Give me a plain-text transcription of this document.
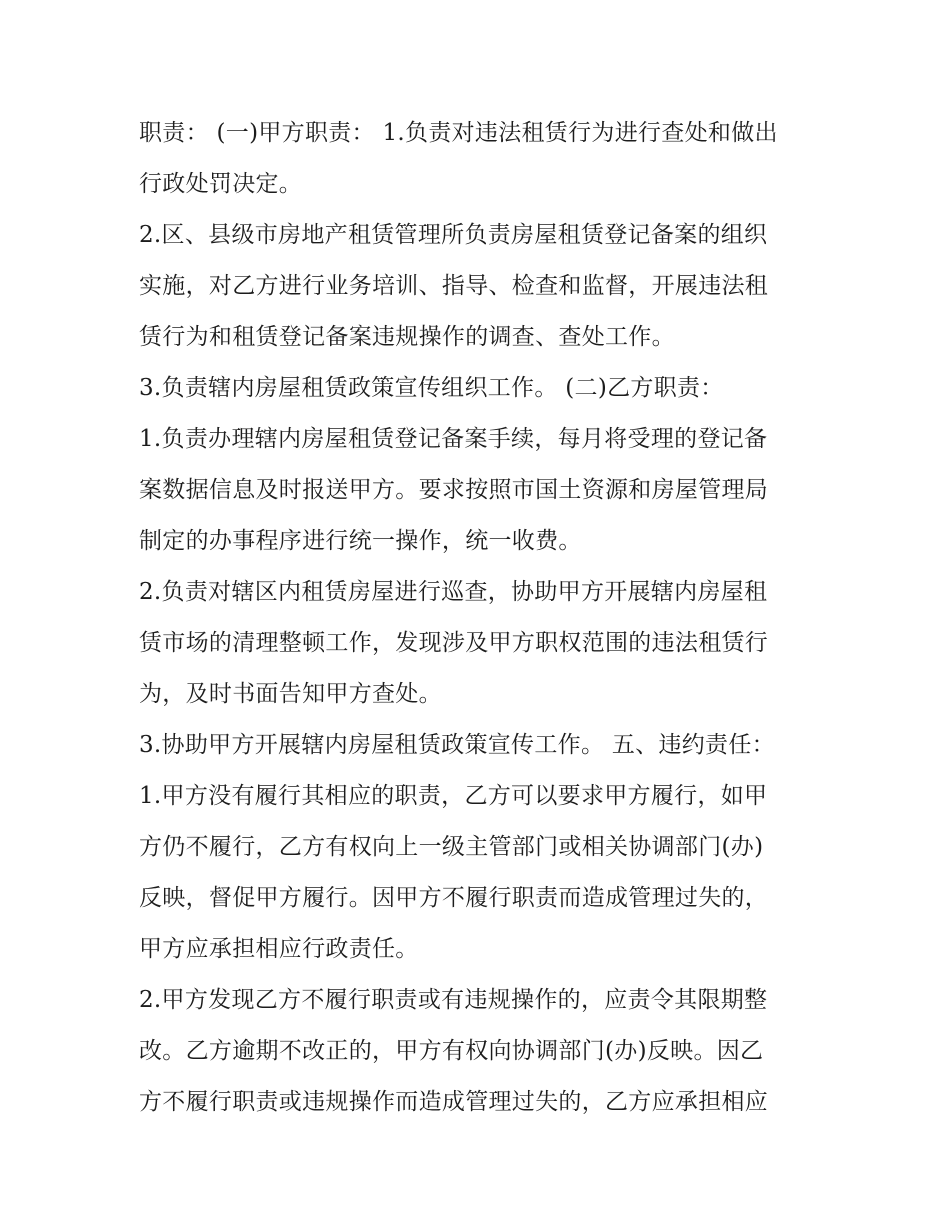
职责： (一)甲方职责： 1.负责对违法租赁行为进行查处和做出
行政处罚决定。
2.区、县级市房地产租赁管理所负责房屋租赁登记备案的组织
实施，对乙方进行业务培训、指导、检查和监督，开展违法租
赁行为和租赁登记备案违规操作的调查、查处工作。
3.负责辖内房屋租赁政策宣传组织工作。 (二)乙方职责：
1.负责办理辖内房屋租赁登记备案手续，每月将受理的登记备
案数据信息及时报送甲方。要求按照市国土资源和房屋管理局
制定的办事程序进行统一操作，统一收费。
2.负责对辖区内租赁房屋进行巡查，协助甲方开展辖内房屋租
赁市场的清理整顿工作，发现涉及甲方职权范围的违法租赁行
为，及时书面告知甲方查处。
3.协助甲方开展辖内房屋租赁政策宣传工作。 五、违约责任：
1.甲方没有履行其相应的职责，乙方可以要求甲方履行，如甲
方仍不履行，乙方有权向上一级主管部门或相关协调部门(办)
反映，督促甲方履行。因甲方不履行职责而造成管理过失的，
甲方应承担相应行政责任。
2.甲方发现乙方不履行职责或有违规操作的，应责令其限期整
改。乙方逾期不改正的，甲方有权向协调部门(办)反映。因乙
方不履行职责或违规操作而造成管理过失的，乙方应承担相应
